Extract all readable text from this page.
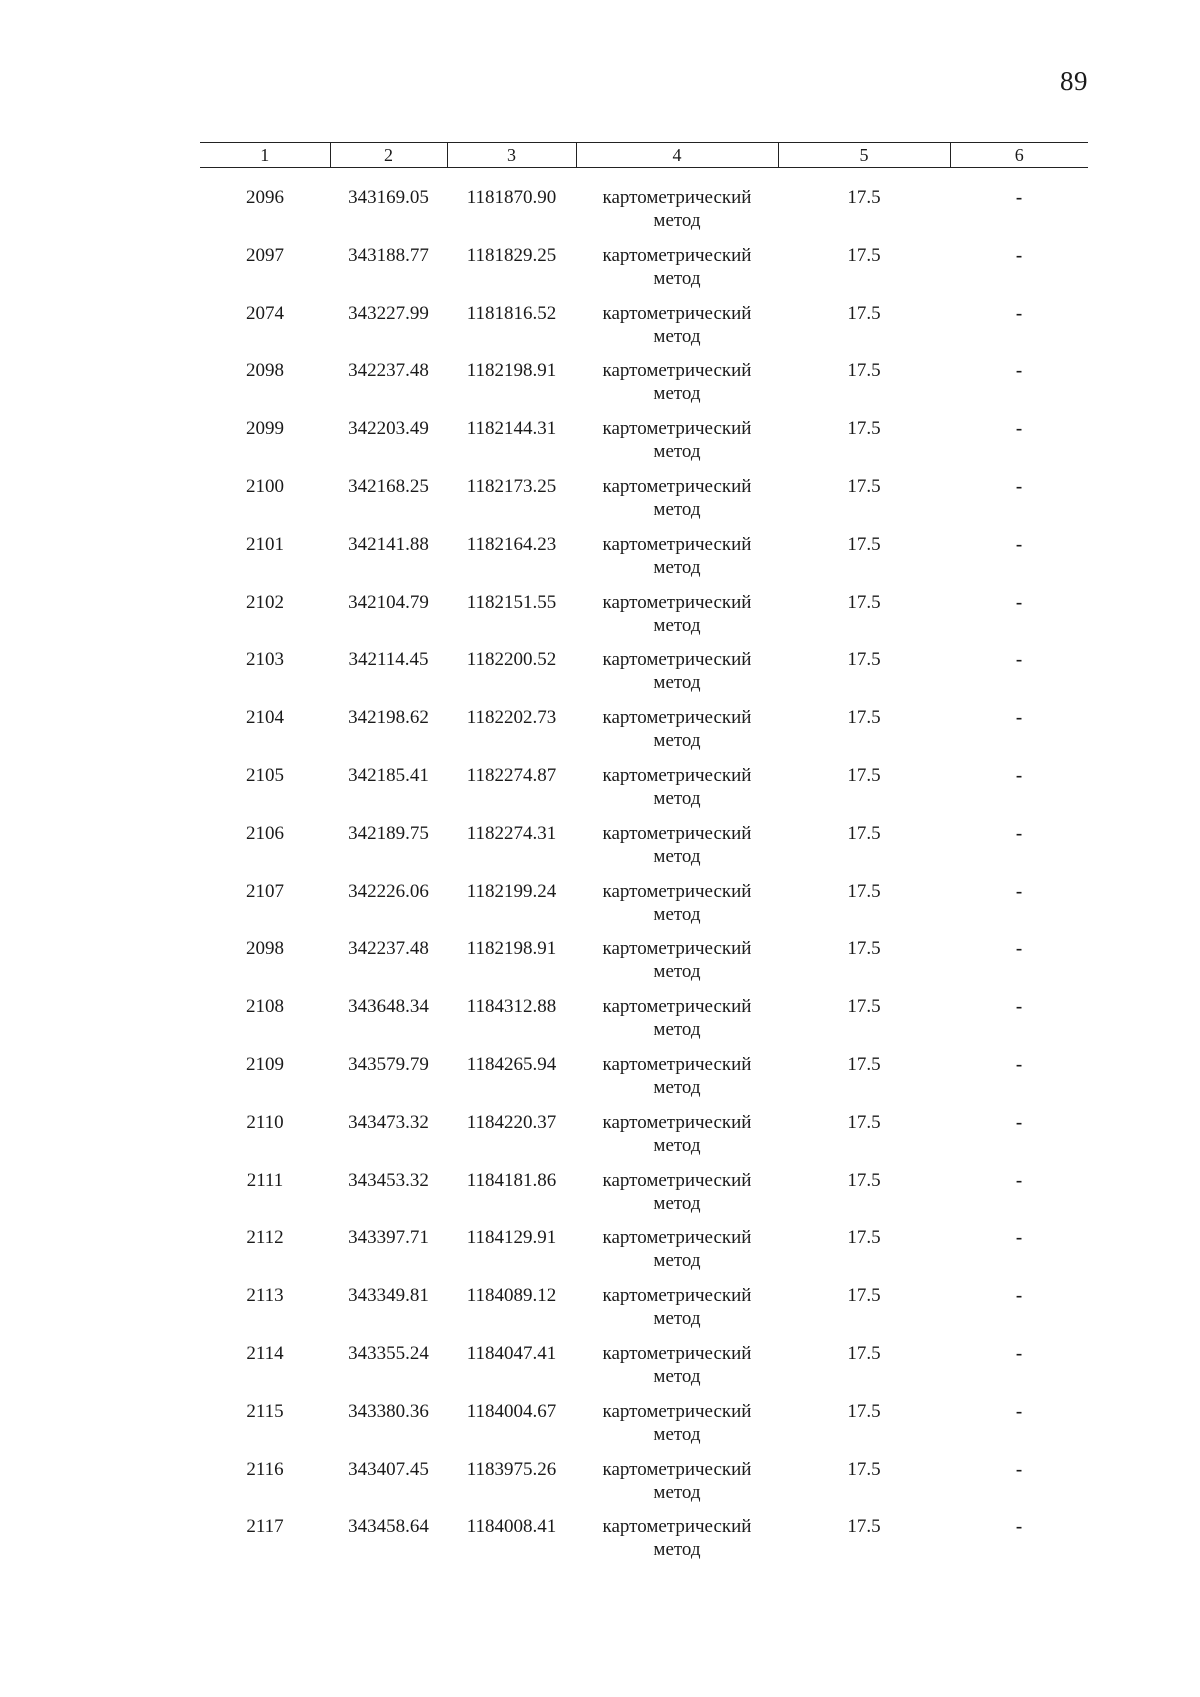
89
1	2	3	4	5	6
2096	343169.05	1181870.90	картометрический
метод	17.5	-
2097	343188.77	1181829.25	картометрический
метод	17.5	-
2074	343227.99	1181816.52	картометрический
метод	17.5	-
2098	342237.48	1182198.91	картометрический
метод	17.5	-
2099	342203.49	1182144.31	картометрический
метод	17.5	-
2100	342168.25	1182173.25	картометрический
метод	17.5	-
2101	342141.88	1182164.23	картометрический
метод	17.5	-
2102	342104.79	1182151.55	картометрический
метод	17.5	-
2103	342114.45	1182200.52	картометрический
метод	17.5	-
2104	342198.62	1182202.73	картометрический
метод	17.5	-
2105	342185.41	1182274.87	картометрический
метод	17.5	-
2106	342189.75	1182274.31	картометрический
метод	17.5	-
2107	342226.06	1182199.24	картометрический
метод	17.5	-
2098	342237.48	1182198.91	картометрический
метод	17.5	-
2108	343648.34	1184312.88	картометрический
метод	17.5	-
2109	343579.79	1184265.94	картометрический
метод	17.5	-
2110	343473.32	1184220.37	картометрический
метод	17.5	-
2111	343453.32	1184181.86	картометрический
метод	17.5	-
2112	343397.71	1184129.91	картометрический
метод	17.5	-
2113	343349.81	1184089.12	картометрический
метод	17.5	-
2114	343355.24	1184047.41	картометрический
метод	17.5	-
2115	343380.36	1184004.67	картометрический
метод	17.5	-
2116	343407.45	1183975.26	картометрический
метод	17.5	-
2117	343458.64	1184008.41	картометрический
метод	17.5	-
